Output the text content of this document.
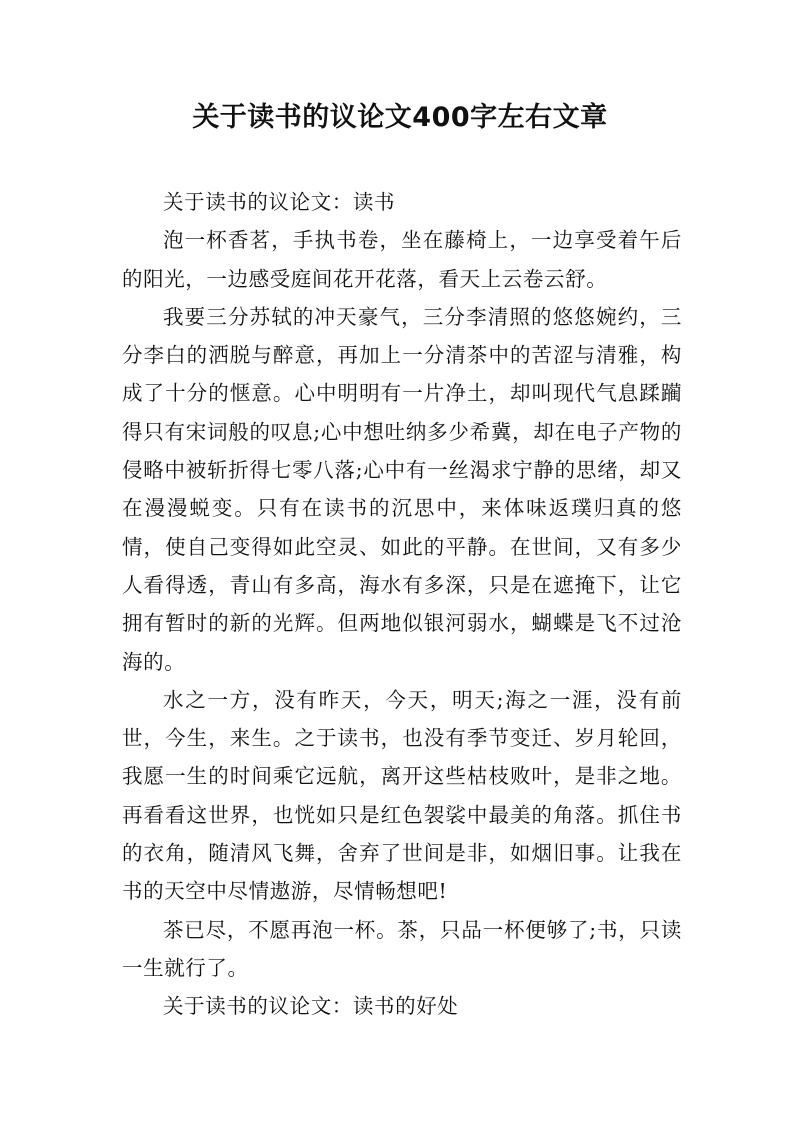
关于读书的议论文400字左右文章

关于读书的议论文：读书

泡一杯香茗，手执书卷，坐在藤椅上，一边享受着午后的阳光，一边感受庭间花开花落，看天上云卷云舒。

我要三分苏轼的冲天豪气，三分李清照的悠悠婉约，三分李白的洒脱与醉意，再加上一分清茶中的苦涩与清雅，构成了十分的惬意。心中明明有一片净土，却叫现代气息蹂躏得只有宋词般的叹息;心中想吐纳多少希冀，却在电子产物的侵略中被斩折得七零八落;心中有一丝渴求宁静的思绪，却又在漫漫蜕变。只有在读书的沉思中，来体味返璞归真的悠情，使自己变得如此空灵、如此的平静。在世间，又有多少人看得透，青山有多高，海水有多深，只是在遮掩下，让它拥有暂时的新的光辉。但两地似银河弱水，蝴蝶是飞不过沧海的。

水之一方，没有昨天，今天，明天;海之一涯，没有前世，今生，来生。之于读书，也没有季节变迁、岁月轮回，我愿一生的时间乘它远航，离开这些枯枝败叶，是非之地。再看看这世界，也恍如只是红色袈裟中最美的角落。抓住书的衣角，随清风飞舞，舍弃了世间是非，如烟旧事。让我在书的天空中尽情遨游，尽情畅想吧!

茶已尽，不愿再泡一杯。茶，只品一杯便够了;书，只读一生就行了。

关于读书的议论文：读书的好处
